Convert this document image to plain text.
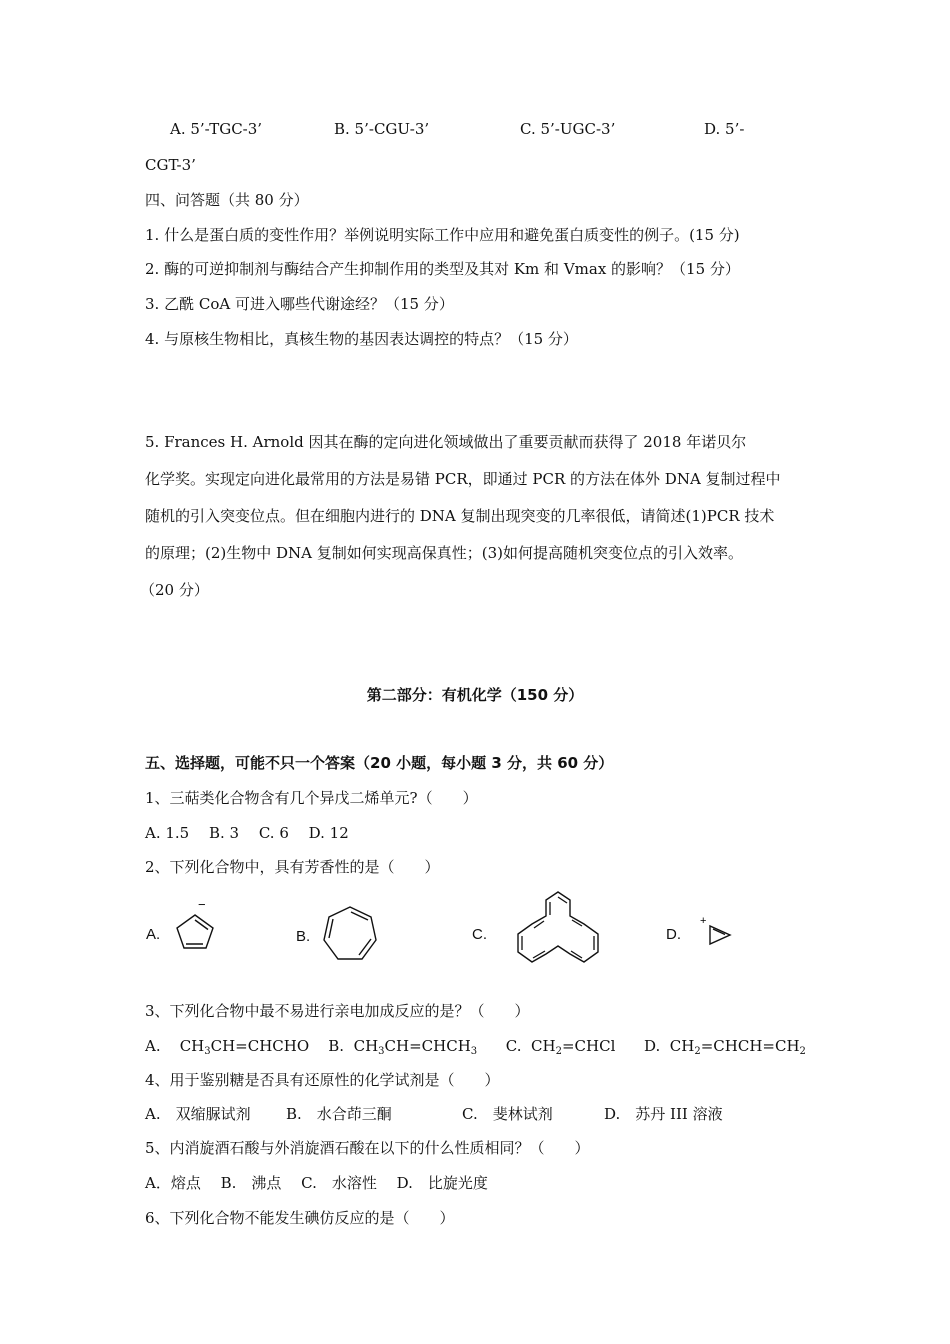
A. 5’-TGC-3’	B. 5’-CGU-3’	C. 5’-UGC-3’	D. 5’-
CGT-3’
四、问答题（共 80 分）
1. 什么是蛋白质的变性作用？举例说明实际工作中应用和避免蛋白质变性的例子。(15 分)
2. 酶的可逆抑制剂与酶结合产生抑制作用的类型及其对 Km 和 Vmax 的影响？（15 分）
3. 乙酰 CoA 可进入哪些代谢途经？（15 分）
4. 与原核生物相比，真核生物的基因表达调控的特点？（15 分）
5. Frances H. Arnold 因其在酶的定向进化领域做出了重要贡献而获得了 2018 年诺贝尔
化学奖。实现定向进化最常用的方法是易错 PCR，即通过 PCR 的方法在体外 DNA 复制过程中
随机的引入突变位点。但在细胞内进行的 DNA 复制出现突变的几率很低，请简述(1)PCR 技术
的原理；(2)生物中 DNA 复制如何实现高保真性；(3)如何提高随机突变位点的引入效率。
（20 分）
第二部分：有机化学（150 分）
五、选择题，可能不只一个答案（20 小题，每小题 3 分，共 60 分）
1、三萜类化合物含有几个异戊二烯单元?（　　）
A. 1.5　 B. 3　 C. 6　 D. 12
2、下列化合物中，具有芳香性的是（　　）
A.
−
B.	C.	D.
+
3、下列化合物中最不易进行亲电加成反应的是？（　　）
A. $CH_3CH=CHCHO$ B. $CH_3CH=CHCH_3$ C. $CH_2=CHCl$ D. $CH_2=CHCH=CH_2$
4、用于鉴别糖是否具有还原性的化学试剂是（　　）
A.　双缩脲试剂 B.　水合茚三酮	C.　斐林试剂	D.　苏丹 III 溶液
5、内消旋酒石酸与外消旋酒石酸在以下的什么性质相同？（　　）
A．熔点　 B.　沸点　 C.　水溶性　 D.　比旋光度
6、下列化合物不能发生碘仿反应的是（　　）
